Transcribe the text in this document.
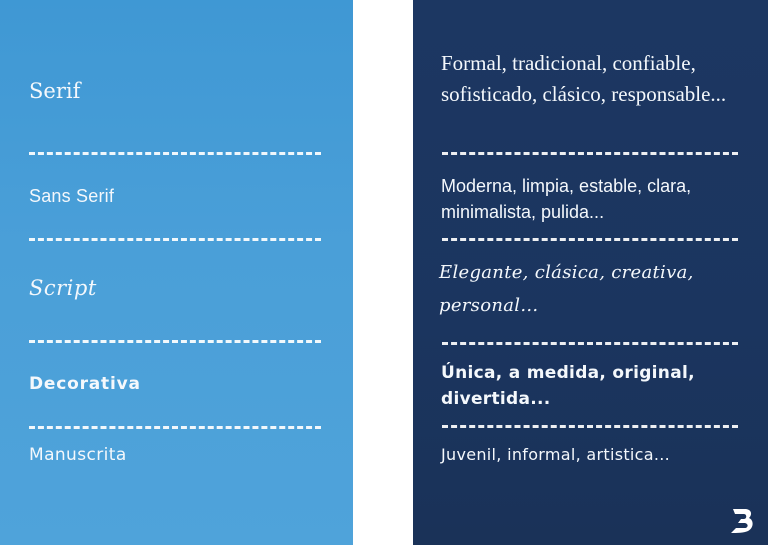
Serif

Sans Serif

Script

Decorativa

Manuscrita

Formal, tradicional, confiable, sofisticado, clásico, responsable...

Moderna, limpia, estable, clara, minimalista, pulida...

Elegante, clásica, creativa, personal...

Única, a medida, original, divertida...

Juvenil, informal, artistica...
